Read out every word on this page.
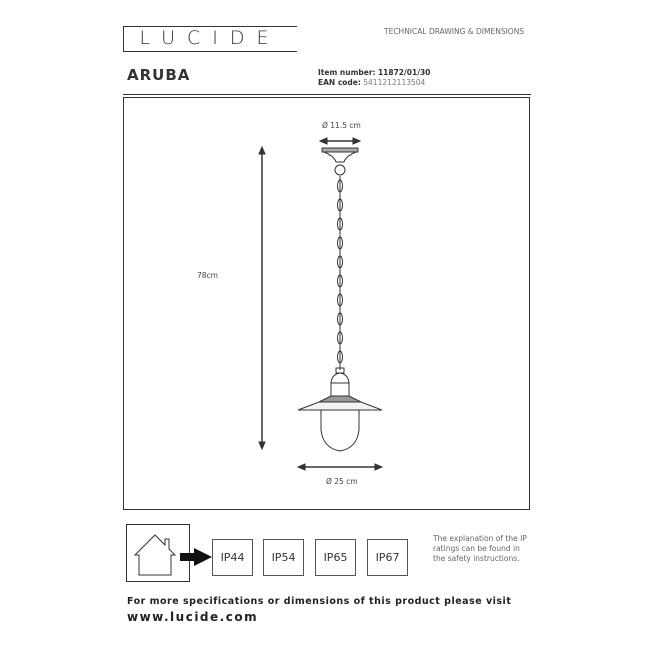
LUCIDE	TECHNICAL DRAWING & DIMENSIONS
ARUBA	Item number: 11872/01/30
EAN code: 5411212113504
Ø 11.5 cm
78cm
Ø 25 cm
IP44	IP54	IP65	IP67
The explanation of the IP ratings can be found in the safety instructions.
For more specifications or dimensions of this product please visit
www.lucide.com
